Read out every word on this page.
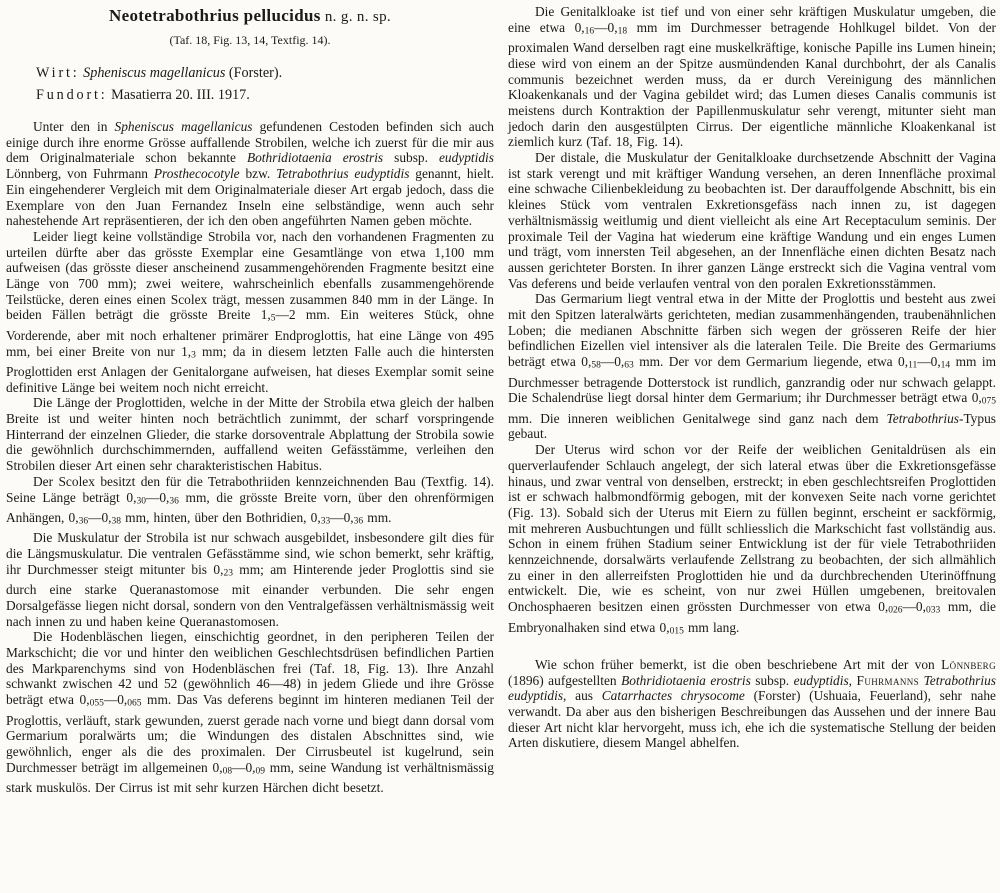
Neotetrabothrius pellucidus n. g. n. sp.
(Taf. 18, Fig. 13, 14, Textfig. 14).

Wirt: Spheniscus magellanicus (Forster).

Fundort: Masatierra 20. III. 1917.

Unter den in Spheniscus magellanicus gefundenen Cestoden befinden sich auch einige durch ihre enorme Grösse auffallende Strobilen, welche ich zuerst für die mir aus dem Originalmateriale schon bekannte Bothridiotaenia erostris subsp. eudyptidis Lönnberg, von Fuhrmann Prosthecocotyle bzw. Tetrabothrius eudyptidis genannt, hielt. Ein eingehenderer Vergleich mit dem Originalmateriale dieser Art ergab jedoch, dass die Exemplare von den Juan Fernandez Inseln eine selbständige, wenn auch sehr nahestehende Art repräsentieren, der ich den oben angeführten Namen geben möchte.

Leider liegt keine vollständige Strobila vor, nach den vorhandenen Fragmenten zu urteilen dürfte aber das grösste Exemplar eine Gesamtlänge von etwa 1,100 mm aufweisen (das grösste dieser anscheinend zusammengehörenden Fragmente besitzt eine Länge von 700 mm); zwei weitere, wahrscheinlich ebenfalls zusammengehörende Teilstücke, deren eines einen Scolex trägt, messen zusammen 840 mm in der Länge. In beiden Fällen beträgt die grösste Breite 1,5—2 mm. Ein weiteres Stück, ohne Vorderende, aber mit noch erhaltener primärer Endproglottis, hat eine Länge von 495 mm, bei einer Breite von nur 1,3 mm; da in diesem letzten Falle auch die hintersten Proglottiden erst Anlagen der Genitalorgane aufweisen, hat dieses Exemplar somit seine definitive Länge bei weitem noch nicht erreicht.

Die Länge der Proglottiden, welche in der Mitte der Strobila etwa gleich der halben Breite ist und weiter hinten noch beträchtlich zunimmt, der scharf vorspringende Hinterrand der einzelnen Glieder, die starke dorsoventrale Abplattung der Strobila sowie die gewöhnlich durchschimmernden, auffallend weiten Gefässtämme, verleihen den Strobilen dieser Art einen sehr charakteristischen Habitus.

Der Scolex besitzt den für die Tetrabothriiden kennzeichnenden Bau (Textfig. 14). Seine Länge beträgt 0,30—0,36 mm, die grösste Breite vorn, über den ohrenförmigen Anhängen, 0,36—0,38 mm, hinten, über den Bothridien, 0,33—0,36 mm.

Die Muskulatur der Strobila ist nur schwach ausgebildet, insbesondere gilt dies für die Längsmuskulatur. Die ventralen Gefässtämme sind, wie schon bemerkt, sehr kräftig, ihr Durchmesser steigt mitunter bis 0,23 mm; am Hinterende jeder Proglottis sind sie durch eine starke Queranastomose mit einander verbunden. Die sehr engen Dorsalgefässe liegen nicht dorsal, sondern von den Ventralgefässen verhältnismässig weit nach innen zu und haben keine Queranastomosen.

Die Hodenbläschen liegen, einschichtig geordnet, in den peripheren Teilen der Markschicht; die vor und hinter den weiblichen Geschlechtsdrüsen befindlichen Partien des Markparenchyms sind von Hodenbläschen frei (Taf. 18, Fig. 13). Ihre Anzahl schwankt zwischen 42 und 52 (gewöhnlich 46—48) in jedem Gliede und ihre Grösse beträgt etwa 0,055—0,065 mm. Das Vas deferens beginnt im hinteren medianen Teil der Proglottis, verläuft, stark gewunden, zuerst gerade nach vorne und biegt dann dorsal vom Germarium poralwärts um; die Windungen des distalen Abschnittes sind, wie gewöhnlich, enger als die des proximalen. Der Cirrusbeutel ist kugelrund, sein Durchmesser beträgt im allgemeinen 0,08—0,09 mm, seine Wandung ist verhältnismässig stark muskulös. Der Cirrus ist mit sehr kurzen Härchen dicht besetzt.

Die Genitalkloake ist tief und von einer sehr kräftigen Muskulatur umgeben, die eine etwa 0,16—0,18 mm im Durchmesser betragende Hohlkugel bildet. Von der proximalen Wand derselben ragt eine muskelkräftige, konische Papille ins Lumen hinein; diese wird von einem an der Spitze ausmündenden Kanal durchbohrt, der als Canalis communis bezeichnet werden muss, da er durch Vereinigung des männlichen Kloakenkanals und der Vagina gebildet wird; das Lumen dieses Canalis communis ist meistens durch Kontraktion der Papillenmuskulatur sehr verengt, mitunter sieht man jedoch darin den ausgestülpten Cirrus. Der eigentliche männliche Kloakenkanal ist ziemlich kurz (Taf. 18, Fig. 14).

Der distale, die Muskulatur der Genitalkloake durchsetzende Abschnitt der Vagina ist stark verengt und mit kräftiger Wandung versehen, an deren Innenfläche proximal eine schwache Cilienbekleidung zu beobachten ist. Der darauffolgende Abschnitt, bis ein kleines Stück vom ventralen Exkretionsgefäss nach innen zu, ist dagegen verhältnismässig weitlumig und dient vielleicht als eine Art Receptaculum seminis. Der proximale Teil der Vagina hat wiederum eine kräftige Wandung und ein enges Lumen und trägt, vom innersten Teil abgesehen, an der Innenfläche einen dichten Besatz nach aussen gerichteter Borsten. In ihrer ganzen Länge erstreckt sich die Vagina ventral vom Vas deferens und beide verlaufen ventral von den poralen Exkretionsstämmen.

Das Germarium liegt ventral etwa in der Mitte der Proglottis und besteht aus zwei mit den Spitzen lateralwärts gerichteten, median zusammenhängenden, traubenähnlichen Loben; die medianen Abschnitte färben sich wegen der grösseren Reife der hier befindlichen Eizellen viel intensiver als die lateralen Teile. Die Breite des Germariums beträgt etwa 0,58—0,63 mm. Der vor dem Germarium liegende, etwa 0,11—0,14 mm im Durchmesser betragende Dotterstock ist rundlich, ganzrandig oder nur schwach gelappt. Die Schalendrüse liegt dorsal hinter dem Germarium; ihr Durchmesser beträgt etwa 0,075 mm. Die inneren weiblichen Genitalwege sind ganz nach dem Tetrabothrius-Typus gebaut.

Der Uterus wird schon vor der Reife der weiblichen Genitaldrüsen als ein querverlaufender Schlauch angelegt, der sich lateral etwas über die Exkretionsgefässe hinaus, und zwar ventral von denselben, erstreckt; in eben geschlechtsreifen Proglottiden ist er schwach halbmondförmig gebogen, mit der konvexen Seite nach vorne gerichtet (Fig. 13). Sobald sich der Uterus mit Eiern zu füllen beginnt, erscheint er sackförmig, mit mehreren Ausbuchtungen und füllt schliesslich die Markschicht fast vollständig aus. Schon in einem frühen Stadium seiner Entwicklung ist der für viele Tetrabothriiden kennzeichnende, dorsalwärts verlaufende Zellstrang zu beobachten, der sich allmählich zu einer in den allerreifsten Proglottiden hie und da durchbrechenden Uterinöffnung entwickelt. Die, wie es scheint, von nur zwei Hüllen umgebenen, breitovalen Onchosphaeren besitzen einen grössten Durchmesser von etwa 0,026—0,033 mm, die Embryonalhaken sind etwa 0,015 mm lang.

Wie schon früher bemerkt, ist die oben beschriebene Art mit der von Lönnberg (1896) aufgestellten Bothridiotaenia erostris subsp. eudyptidis, Fuhrmanns Tetrabothrius eudyptidis, aus Catarrhactes chrysocome (Forster) (Ushuaia, Feuerland), sehr nahe verwandt. Da aber aus den bisherigen Beschreibungen das Aussehen und der innere Bau dieser Art nicht klar hervorgeht, muss ich, ehe ich die systematische Stellung der beiden Arten diskutiere, diesem Mangel abhelfen.
